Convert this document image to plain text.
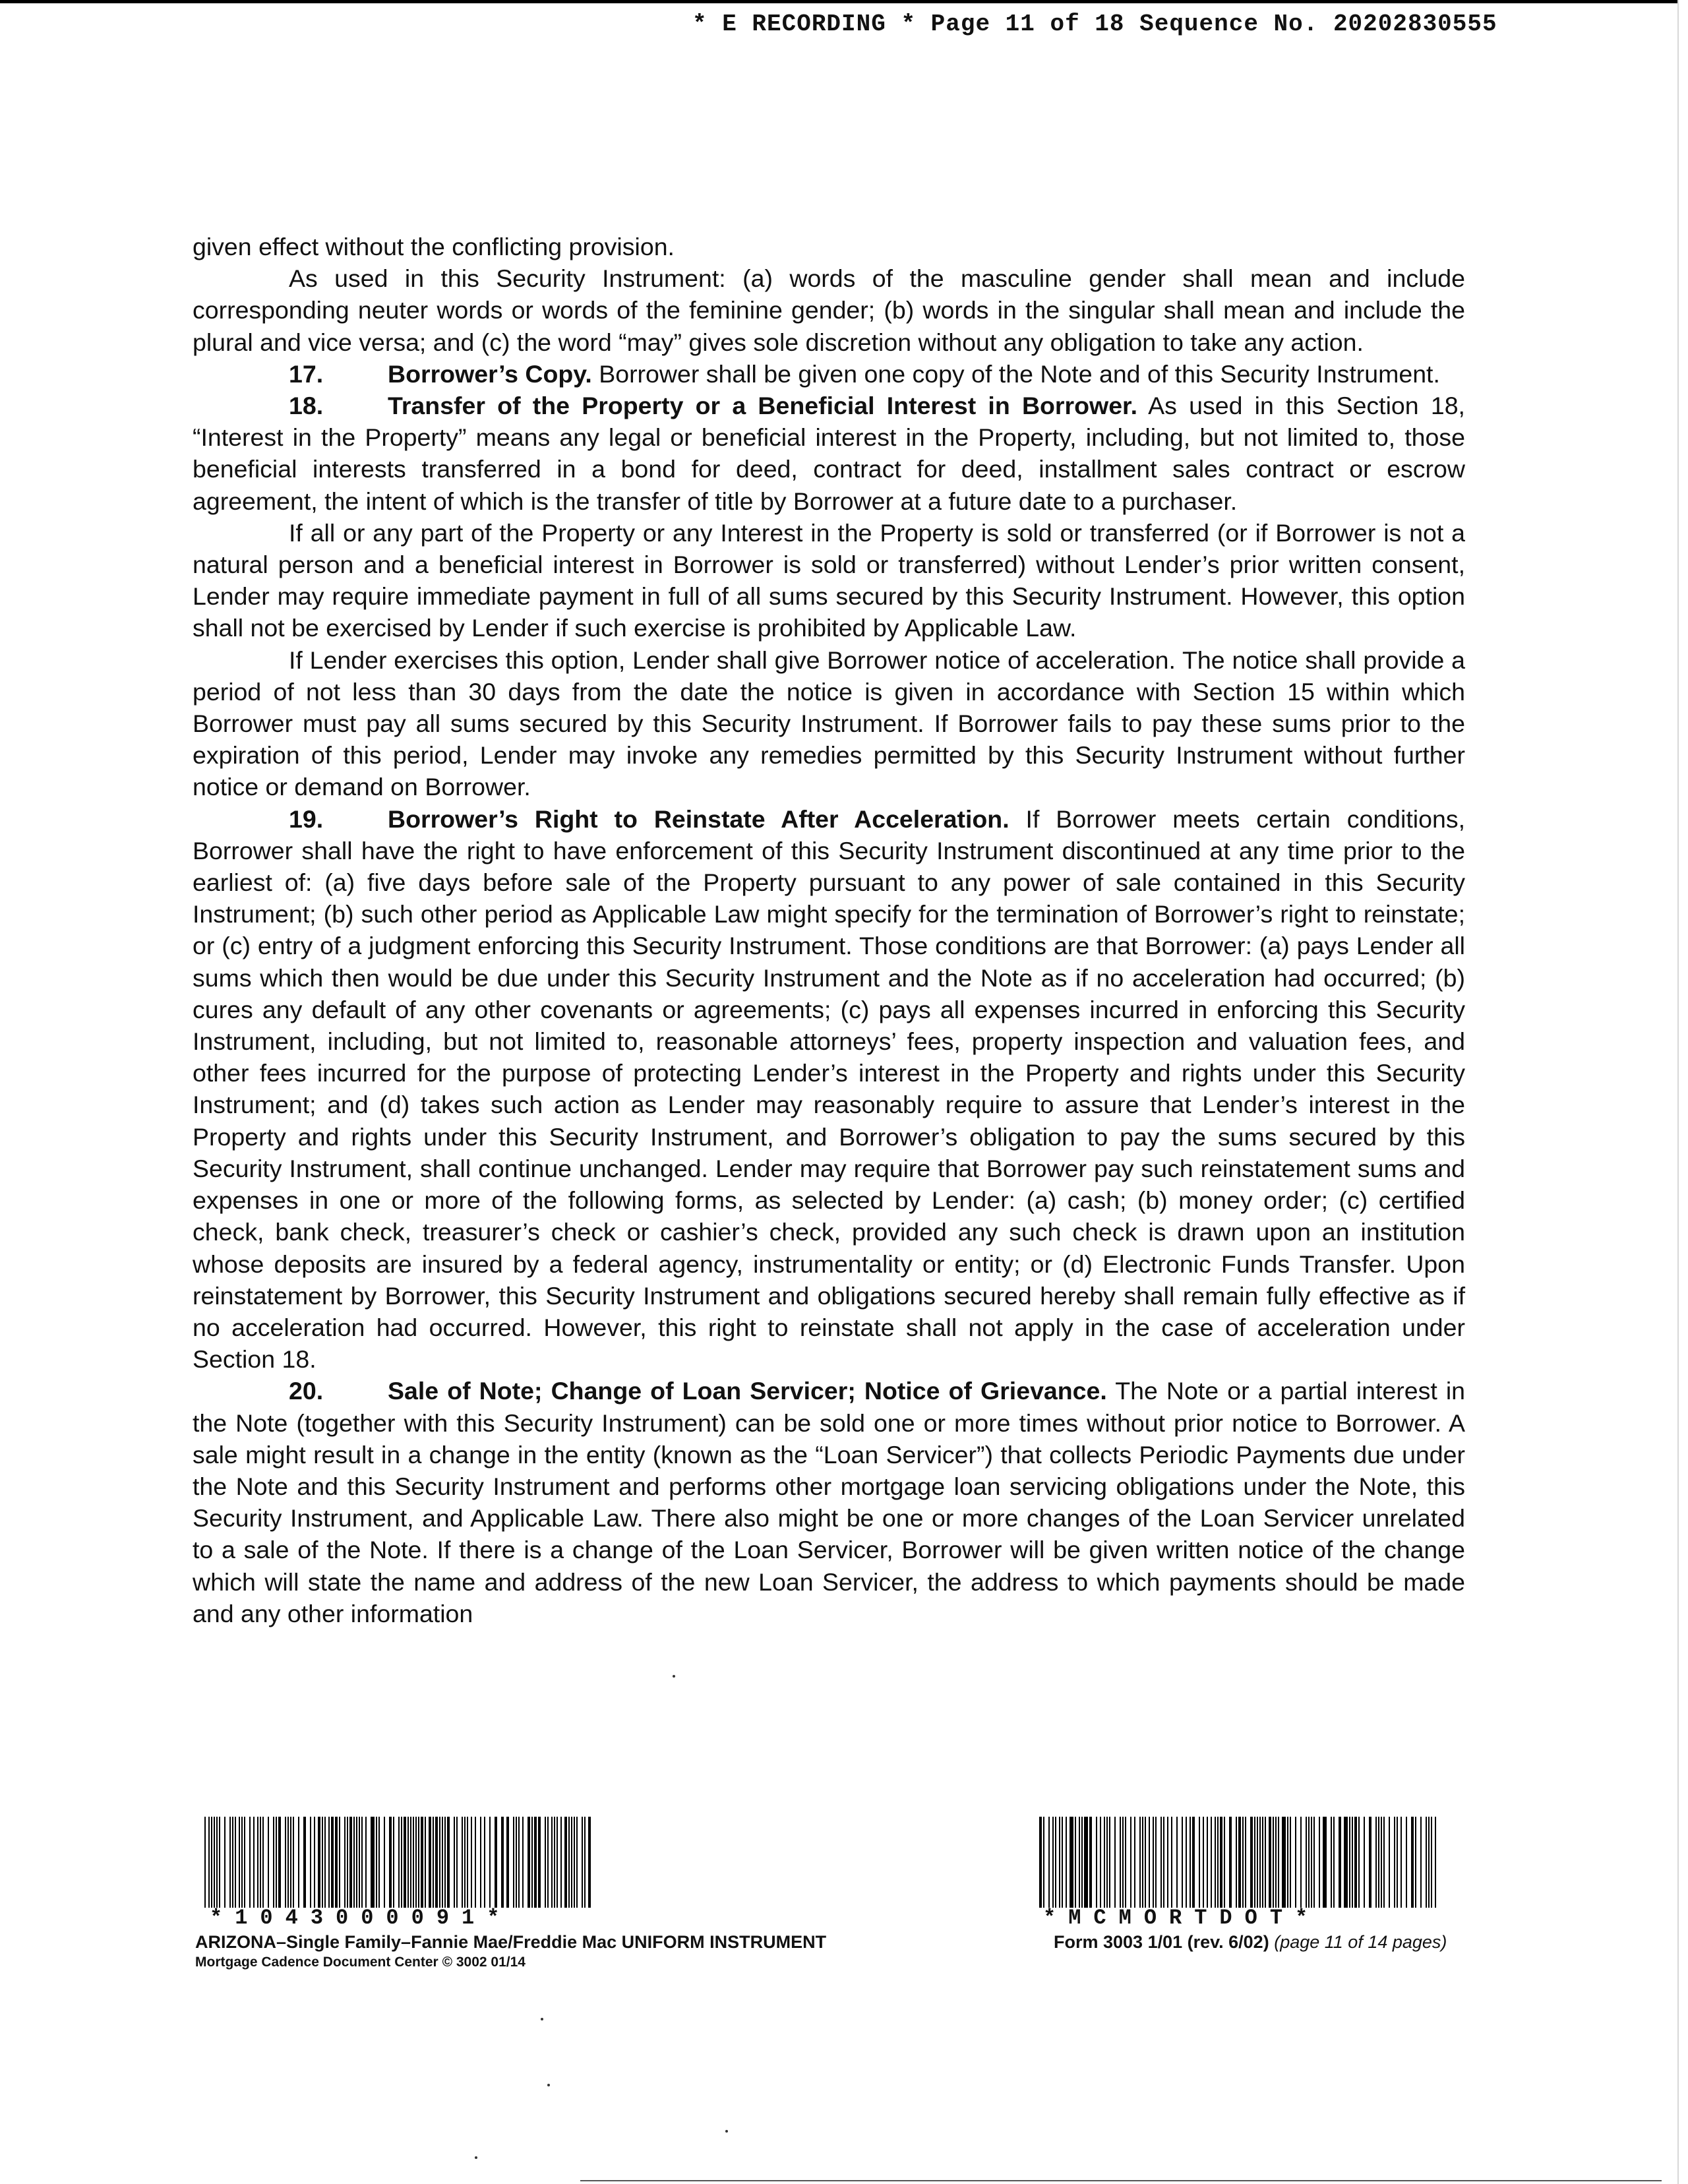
* E RECORDING * Page 11 of 18 Sequence No. 20202830555

given effect without the conflicting provision.

As used in this Security Instrument: (a) words of the masculine gender shall mean and include corresponding neuter words or words of the feminine gender; (b) words in the singular shall mean and include the plural and vice versa; and (c) the word “may” gives sole discretion without any obligation to take any action.

17.	Borrower’s Copy. Borrower shall be given one copy of the Note and of this Security Instrument.

18.	Transfer of the Property or a Beneficial Interest in Borrower. As used in this Section 18, “Interest in the Property” means any legal or beneficial interest in the Property, including, but not limited to, those beneficial interests transferred in a bond for deed, contract for deed, installment sales contract or escrow agreement, the intent of which is the transfer of title by Borrower at a future date to a purchaser.

If all or any part of the Property or any Interest in the Property is sold or transferred (or if Borrower is not a natural person and a beneficial interest in Borrower is sold or transferred) without Lender’s prior written consent, Lender may require immediate payment in full of all sums secured by this Security Instrument. However, this option shall not be exercised by Lender if such exercise is prohibited by Applicable Law.

If Lender exercises this option, Lender shall give Borrower notice of acceleration. The notice shall provide a period of not less than 30 days from the date the notice is given in accordance with Section 15 within which Borrower must pay all sums secured by this Security Instrument. If Borrower fails to pay these sums prior to the expiration of this period, Lender may invoke any remedies permitted by this Security Instrument without further notice or demand on Borrower.

19.	Borrower’s Right to Reinstate After Acceleration. If Borrower meets certain conditions, Borrower shall have the right to have enforcement of this Security Instrument discontinued at any time prior to the earliest of: (a) five days before sale of the Property pursuant to any power of sale contained in this Security Instrument; (b) such other period as Applicable Law might specify for the termination of Borrower’s right to reinstate; or (c) entry of a judgment enforcing this Security Instrument. Those conditions are that Borrower: (a) pays Lender all sums which then would be due under this Security Instrument and the Note as if no acceleration had occurred; (b) cures any default of any other covenants or agreements; (c) pays all expenses incurred in enforcing this Security Instrument, including, but not limited to, reasonable attorneys’ fees, property inspection and valuation fees, and other fees incurred for the purpose of protecting Lender’s interest in the Property and rights under this Security Instrument; and (d) takes such action as Lender may reasonably require to assure that Lender’s interest in the Property and rights under this Security Instrument, and Borrower’s obligation to pay the sums secured by this Security Instrument, shall continue unchanged. Lender may require that Borrower pay such reinstatement sums and expenses in one or more of the following forms, as selected by Lender: (a) cash; (b) money order; (c) certified check, bank check, treasurer’s check or cashier’s check, provided any such check is drawn upon an institution whose deposits are insured by a federal agency, instrumentality or entity; or (d) Electronic Funds Transfer. Upon reinstatement by Borrower, this Security Instrument and obligations secured hereby shall remain fully effective as if no acceleration had occurred. However, this right to reinstate shall not apply in the case of acceleration under Section 18.

20.	Sale of Note; Change of Loan Servicer; Notice of Grievance. The Note or a partial interest in the Note (together with this Security Instrument) can be sold one or more times without prior notice to Borrower. A sale might result in a change in the entity (known as the “Loan Servicer”) that collects Periodic Payments due under the Note and this Security Instrument and performs other mortgage loan servicing obligations under the Note, this Security Instrument, and Applicable Law. There also might be one or more changes of the Loan Servicer unrelated to a sale of the Note. If there is a change of the Loan Servicer, Borrower will be given written notice of the change which will state the name and address of the new Loan Servicer, the address to which payments should be made and any other information

*1043000091*	*MCMORTDOT*
ARIZONA–Single Family–Fannie Mae/Freddie Mac UNIFORM INSTRUMENT
Mortgage Cadence Document Center © 3002 01/14
Form 3003 1/01 (rev. 6/02) (page 11 of 14 pages)
